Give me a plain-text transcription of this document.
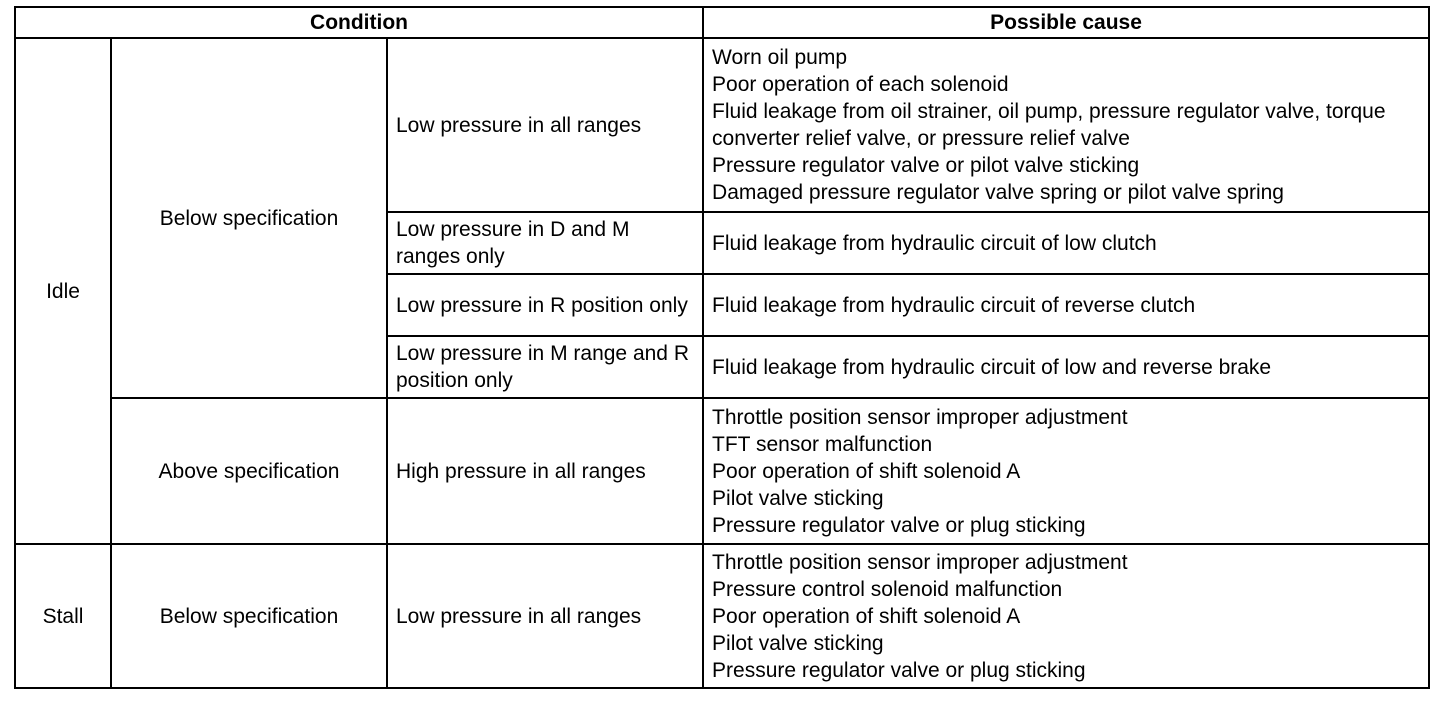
Condition			Possible cause
Idle	Below specification	Low pressure in all ranges	Worn oil pump
Poor operation of each solenoid
Fluid leakage from oil strainer, oil pump, pressure regulator valve, torque converter relief valve, or pressure relief valve
Pressure regulator valve or pilot valve sticking
Damaged pressure regulator valve spring or pilot valve spring

		Low pressure in D and M ranges only	Fluid leakage from hydraulic circuit of low clutch

		Low pressure in R position only	Fluid leakage from hydraulic circuit of reverse clutch

		Low pressure in M range and R position only	Fluid leakage from hydraulic circuit of low and reverse brake

	Above specification	High pressure in all ranges	Throttle position sensor improper adjustment
TFT sensor malfunction
Poor operation of shift solenoid A
Pilot valve sticking
Pressure regulator valve or plug sticking

Stall	Below specification	Low pressure in all ranges	Throttle position sensor improper adjustment
Pressure control solenoid malfunction
Poor operation of shift solenoid A
Pilot valve sticking
Pressure regulator valve or plug sticking
